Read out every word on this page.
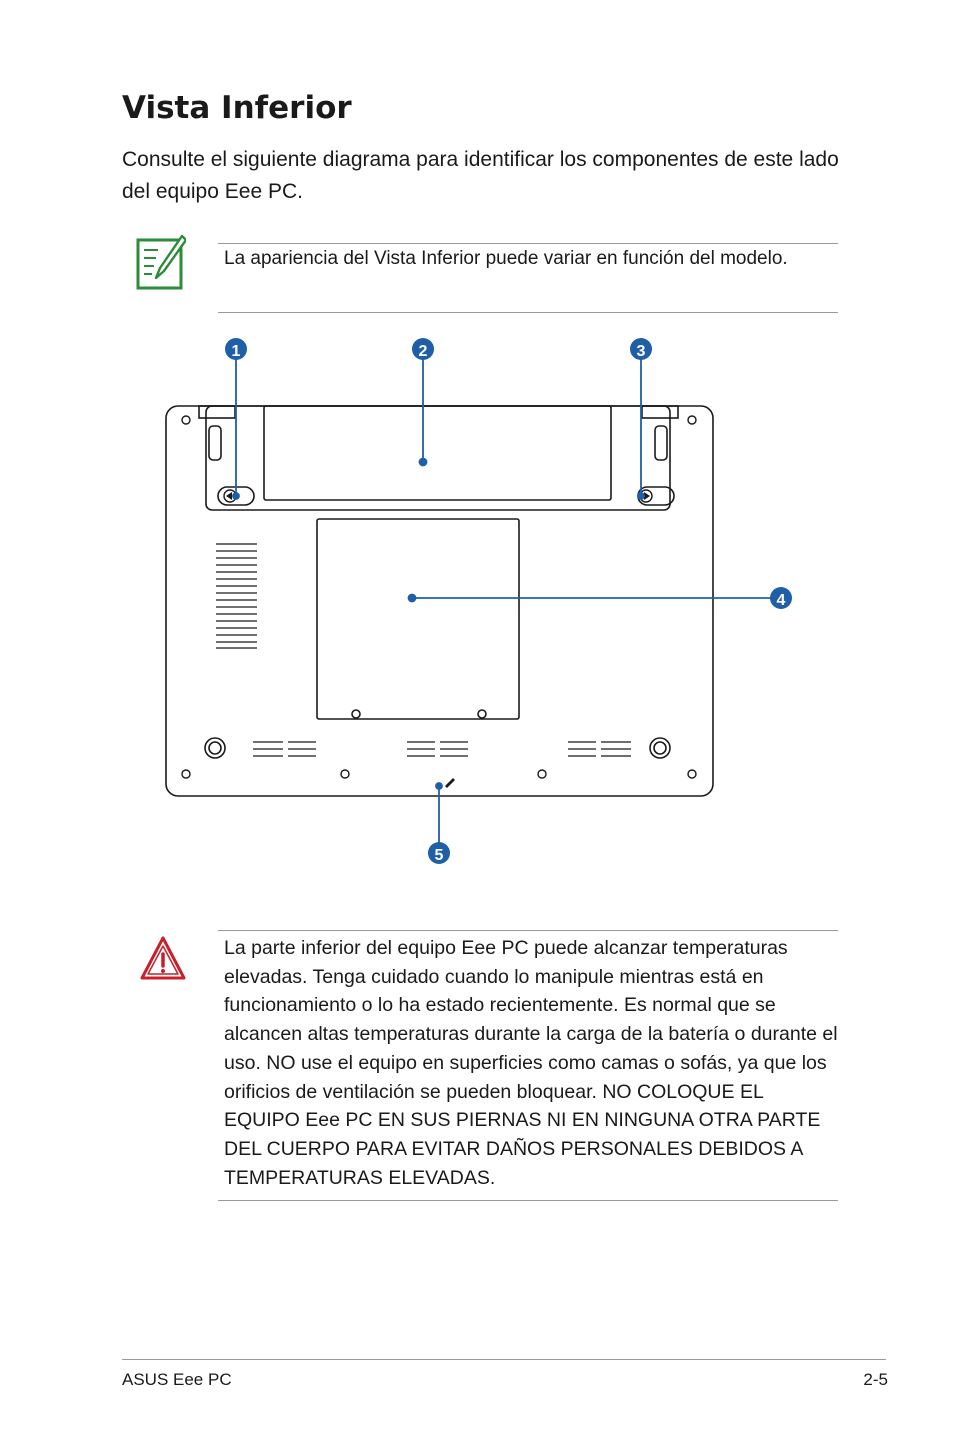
Vista Inferior

Consulte el siguiente diagrama para identificar los componentes de este lado del equipo Eee PC.

La apariencia del Vista Inferior puede variar en función del modelo.

1	2	3
4
5

La parte inferior del equipo Eee PC puede alcanzar temperaturas elevadas. Tenga cuidado cuando lo manipule mientras está en funcionamiento o lo ha estado recientemente. Es normal que se alcancen altas temperaturas durante la carga de la batería o durante el uso. NO use el equipo en superficies como camas o sofás, ya que los orificios de ventilación se pueden bloquear. NO COLOQUE EL EQUIPO Eee PC EN SUS PIERNAS NI EN NINGUNA OTRA PARTE DEL CUERPO PARA EVITAR DAÑOS PERSONALES DEBIDOS A TEMPERATURAS ELEVADAS.

ASUS Eee PC	2-5
